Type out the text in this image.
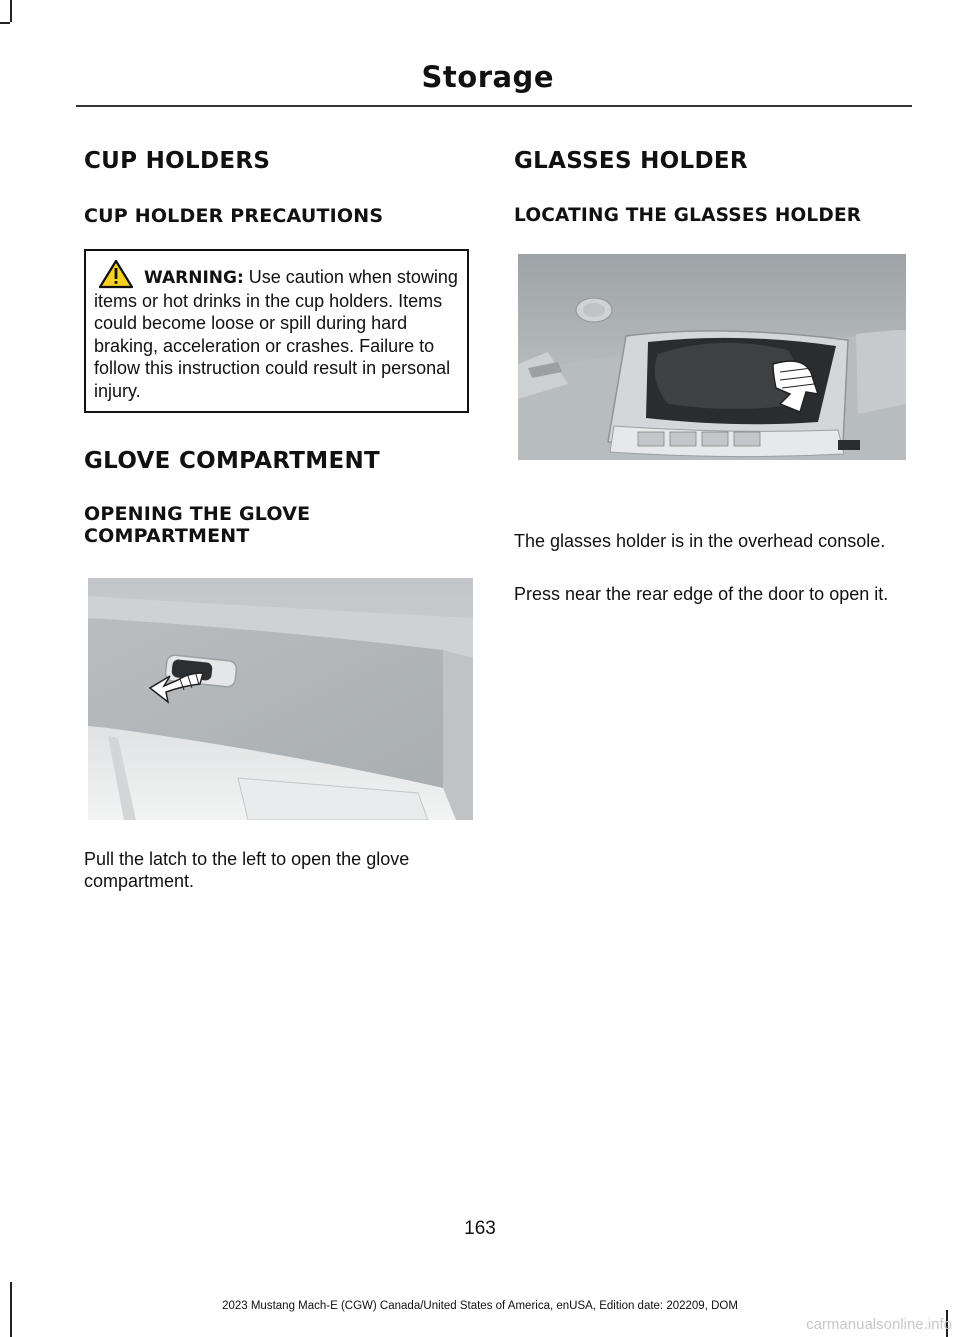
Storage
CUP HOLDERS
CUP HOLDER PRECAUTIONS
WARNING: Use caution when stowing items or hot drinks in the cup holders. Items could become loose or spill during hard braking, acceleration or crashes. Failure to follow this instruction could result in personal injury.
GLOVE COMPARTMENT
OPENING THE GLOVE COMPARTMENT

Pull the latch to the left to open the glove compartment.

GLASSES HOLDER
LOCATING THE GLASSES HOLDER

The glasses holder is in the overhead console.

Press near the rear edge of the door to open it.

163
2023 Mustang Mach-E (CGW) Canada/United States of America, enUSA, Edition date: 202209, DOM
carmanualsonline.info
